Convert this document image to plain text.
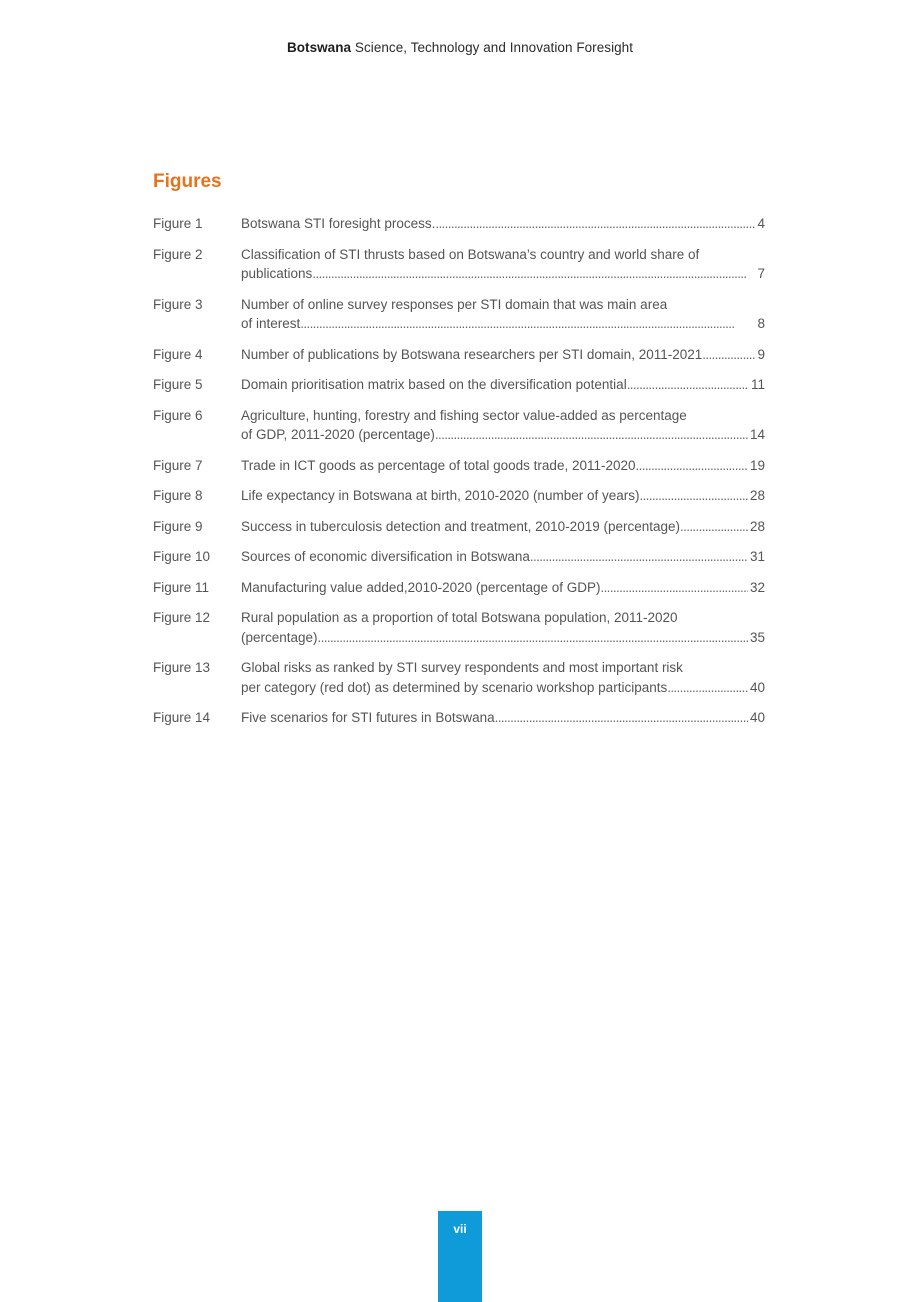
Botswana Science, Technology and Innovation Foresight
Figures
Figure 1	Botswana STI foresight process. . . .	4
Figure 2	Classification of STI thrusts based on Botswana’s country and world share of
publications . . .	7
Figure 3	Number of online survey responses per STI domain that was main area
of interest . . .	8
Figure 4	Number of publications by Botswana researchers per STI domain, 2011-2021 . . .	9
Figure 5	Domain prioritisation matrix based on the diversification potential . . .	11
Figure 6	Agriculture, hunting, forestry and fishing sector value-added as percentage
of GDP, 2011-2020 (percentage) . . .	14
Figure 7	Trade in ICT goods as percentage of total goods trade, 2011-2020 . . .	19
Figure 8	Life expectancy in Botswana at birth, 2010-2020 (number of years) . . .	28
Figure 9	Success in tuberculosis detection and treatment, 2010-2019 (percentage) . . .	28
Figure 10	Sources of economic diversification in Botswana . . .	31
Figure 11	Manufacturing value added,2010-2020 (percentage of GDP) . . .	32
Figure 12	Rural population as a proportion of total Botswana population, 2011-2020
(percentage) . . .	35
Figure 13	Global risks as ranked by STI survey respondents and most important risk
per category (red dot) as determined by scenario workshop participants . . .	40
Figure 14	Five scenarios for STI futures in Botswana . . .	40
vii
